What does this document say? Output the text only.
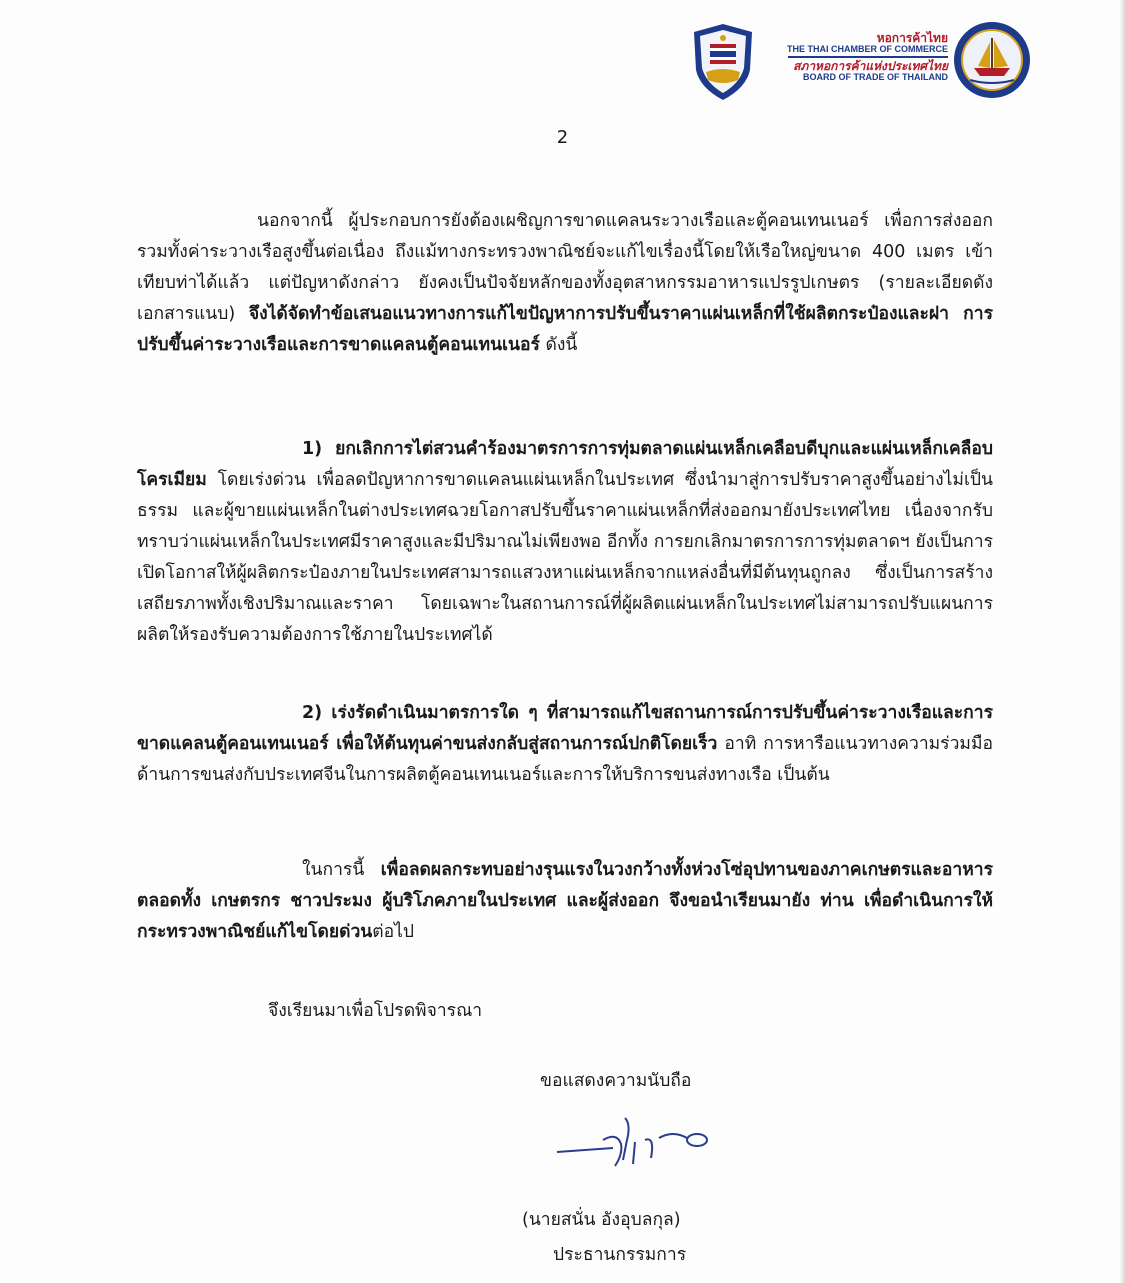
หอการค้าไทย
THE THAI CHAMBER OF COMMERCE
สภาหอการค้าแห่งประเทศไทย
BOARD OF TRADE OF THAILAND
2

นอกจากนี้ ผู้ประกอบการยังต้องเผชิญการขาดแคลนระวางเรือและตู้คอนเทนเนอร์ เพื่อการส่งออก รวมทั้งค่าระวางเรือสูงขึ้นต่อเนื่อง ถึงแม้ทางกระทรวงพาณิชย์จะแก้ไขเรื่องนี้โดยให้เรือใหญ่ขนาด 400 เมตร เข้าเทียบท่าได้แล้ว แต่ปัญหาดังกล่าว ยังคงเป็นปัจจัยหลักของทั้งอุตสาหกรรมอาหารแปรรูปเกษตร (รายละเอียดดังเอกสารแนบ) จึงได้จัดทำข้อเสนอแนวทางการแก้ไขปัญหาการปรับขึ้นราคาแผ่นเหล็กที่ใช้ผลิตกระป๋องและฝา การปรับขึ้นค่าระวางเรือและการขาดแคลนตู้คอนเทนเนอร์ ดังนี้

1) ยกเลิกการไต่สวนคำร้องมาตรการการทุ่มตลาดแผ่นเหล็กเคลือบดีบุกและแผ่นเหล็กเคลือบโครเมียม โดยเร่งด่วน เพื่อลดปัญหาการขาดแคลนแผ่นเหล็กในประเทศ ซึ่งนำมาสู่การปรับราคาสูงขึ้นอย่างไม่เป็นธรรม และผู้ขายแผ่นเหล็กในต่างประเทศฉวยโอกาสปรับขึ้นราคาแผ่นเหล็กที่ส่งออกมายังประเทศไทย เนื่องจากรับทราบว่าแผ่นเหล็กในประเทศมีราคาสูงและมีปริมาณไม่เพียงพอ อีกทั้ง การยกเลิกมาตรการการทุ่มตลาดฯ ยังเป็นการเปิดโอกาสให้ผู้ผลิตกระป๋องภายในประเทศสามารถแสวงหาแผ่นเหล็กจากแหล่งอื่นที่มีต้นทุนถูกลง ซึ่งเป็นการสร้างเสถียรภาพทั้งเชิงปริมาณและราคา โดยเฉพาะในสถานการณ์ที่ผู้ผลิตแผ่นเหล็กในประเทศไม่สามารถปรับแผนการผลิตให้รองรับความต้องการใช้ภายในประเทศได้

2) เร่งรัดดำเนินมาตรการใด ๆ ที่สามารถแก้ไขสถานการณ์การปรับขึ้นค่าระวางเรือและการขาดแคลนตู้คอนเทนเนอร์ เพื่อให้ต้นทุนค่าขนส่งกลับสู่สถานการณ์ปกติโดยเร็ว อาทิ การหารือแนวทางความร่วมมือด้านการขนส่งกับประเทศจีนในการผลิตตู้คอนเทนเนอร์และการให้บริการขนส่งทางเรือ เป็นต้น

ในการนี้ เพื่อลดผลกระทบอย่างรุนแรงในวงกว้างทั้งห่วงโซ่อุปทานของภาคเกษตรและอาหาร ตลอดทั้ง เกษตรกร ชาวประมง ผู้บริโภคภายในประเทศ และผู้ส่งออก จึงขอนำเรียนมายัง ท่าน เพื่อดำเนินการให้กระทรวงพาณิชย์แก้ไขโดยด่วนต่อไป

จึงเรียนมาเพื่อโปรดพิจารณา
ขอแสดงความนับถือ
(นายสนั่น อังอุบลกุล)
ประธานกรรมการ
